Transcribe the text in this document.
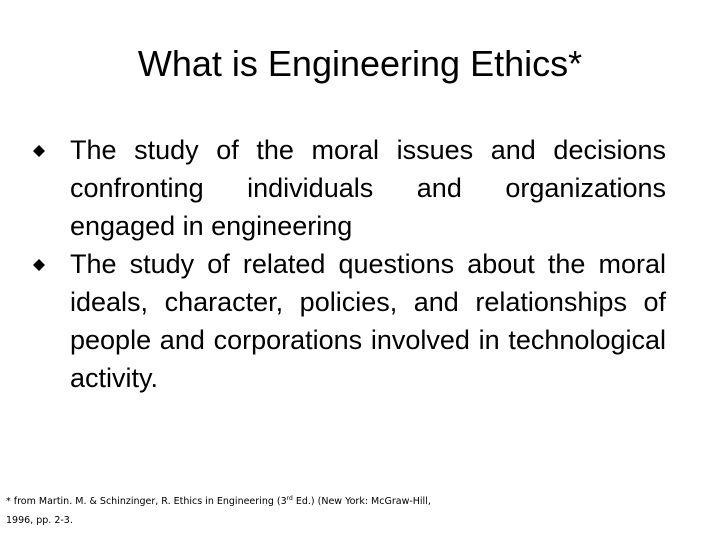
What is Engineering Ethics*
The study of the moral issues and decisions confronting individuals and organizations engaged in engineering
The study of related questions about the moral ideals, character, policies, and relationships of people and corporations involved in technological activity.
* from Martin. M. & Schinzinger, R. Ethics in Engineering (3rd Ed.) (New York: McGraw-Hill,
1996, pp. 2-3.
